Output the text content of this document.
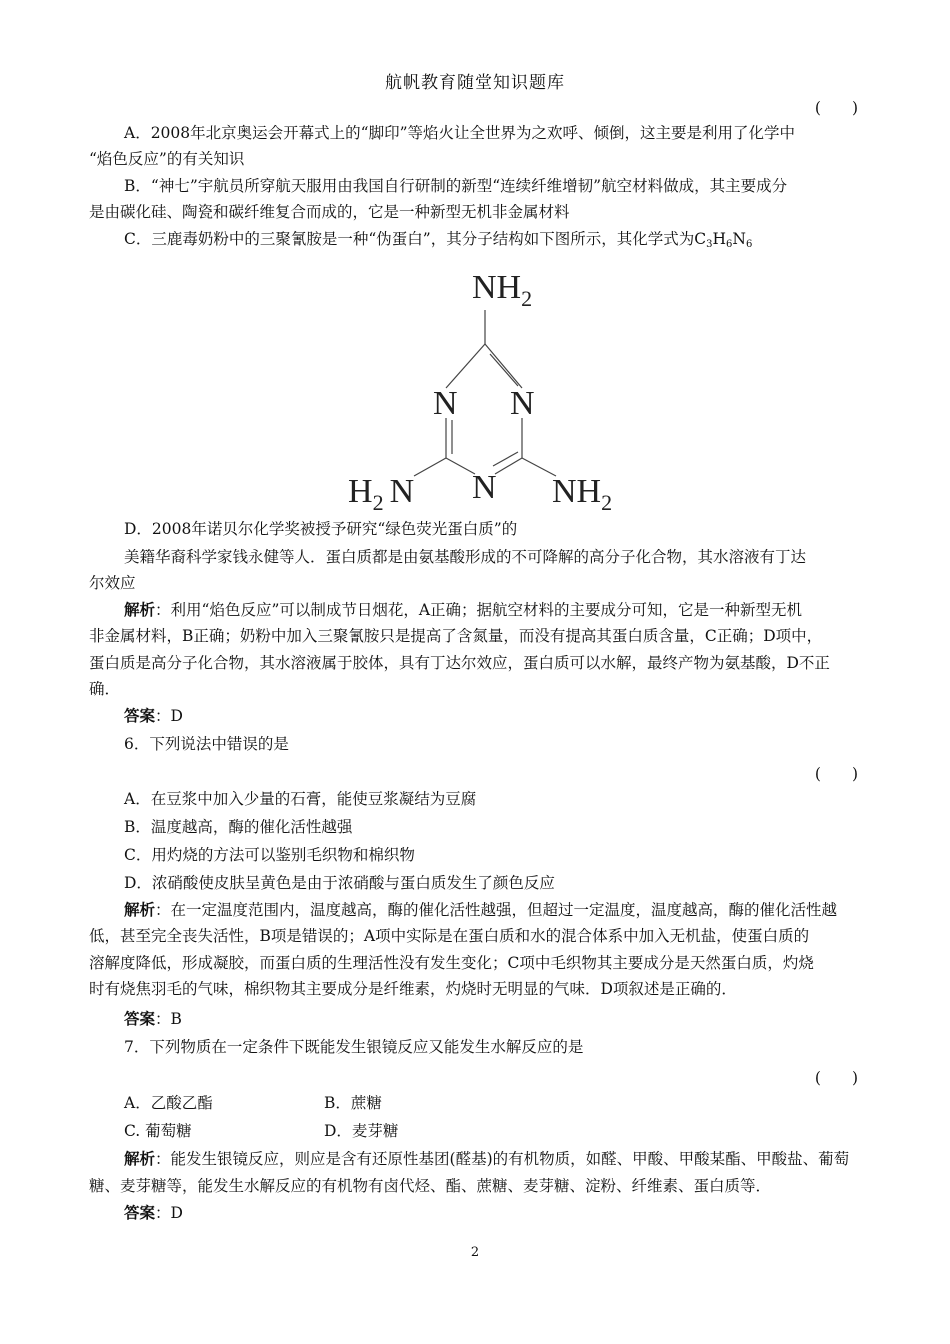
航帆教育随堂知识题库
(　　)
A．2008年北京奥运会开幕式上的“脚印”等焰火让全世界为之欢呼、倾倒，这主要是利用了化学中
“焰色反应”的有关知识
B．“神七”宇航员所穿航天服用由我国自行研制的新型“连续纤维增韧”航空材料做成，其主要成分
是由碳化硅、陶瓷和碳纤维复合而成的，它是一种新型无机非金属材料
C．三鹿毒奶粉中的三聚氰胺是一种“伪蛋白”，其分子结构如下图所示，其化学式为$C_3H_6N_6$
$NH_2$
N N
N
$H_2$ N	$NH_2$
D．2008年诺贝尔化学奖被授予研究“绿色荧光蛋白质”的
美籍华裔科学家钱永健等人．蛋白质都是由氨基酸形成的不可降解的高分子化合物，其水溶液有丁达
尔效应
解析：利用“焰色反应”可以制成节日烟花，A正确；据航空材料的主要成分可知，它是一种新型无机
非金属材料，B正确；奶粉中加入三聚氰胺只是提高了含氮量，而没有提高其蛋白质含量，C正确；D项中，
蛋白质是高分子化合物，其水溶液属于胶体，具有丁达尔效应，蛋白质可以水解，最终产物为氨基酸，D不正
确．
答案：D
6．下列说法中错误的是
(　　)
A．在豆浆中加入少量的石膏，能使豆浆凝结为豆腐
B．温度越高，酶的催化活性越强
C．用灼烧的方法可以鉴别毛织物和棉织物
D．浓硝酸使皮肤呈黄色是由于浓硝酸与蛋白质发生了颜色反应
解析：在一定温度范围内，温度越高，酶的催化活性越强，但超过一定温度，温度越高，酶的催化活性越
低，甚至完全丧失活性，B项是错误的；A项中实际是在蛋白质和水的混合体系中加入无机盐，使蛋白质的
溶解度降低，形成凝胶，而蛋白质的生理活性没有发生变化；C项中毛织物其主要成分是天然蛋白质，灼烧
时有烧焦羽毛的气味，棉织物其主要成分是纤维素，灼烧时无明显的气味．D项叙述是正确的．
答案：B
7．下列物质在一定条件下既能发生银镜反应又能发生水解反应的是
(　　)
A．乙酸乙酯	B．蔗糖
C. 葡萄糖	D．麦芽糖
解析：能发生银镜反应，则应是含有还原性基团(醛基)的有机物质，如醛、甲酸、甲酸某酯、甲酸盐、葡萄
糖、麦芽糖等，能发生水解反应的有机物有卤代烃、酯、蔗糖、麦芽糖、淀粉、纤维素、蛋白质等．
答案：D
2
